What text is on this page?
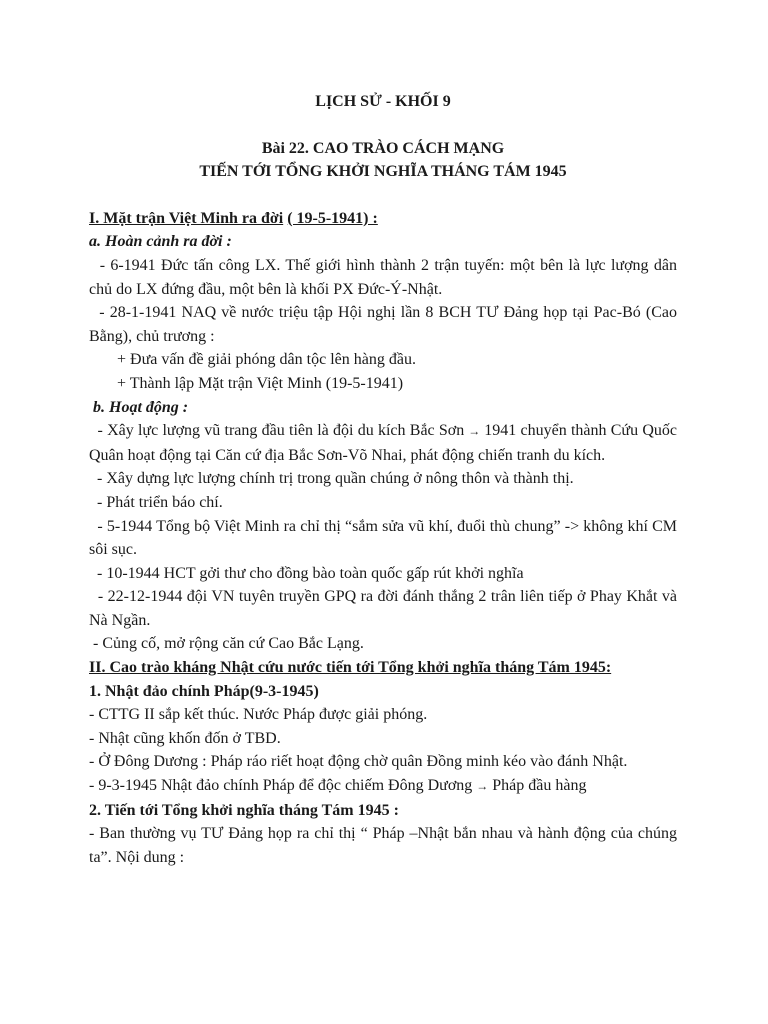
LỊCH SỬ - KHỐI 9
Bài 22. CAO TRÀO CÁCH MẠNG
TIẾN TỚI TỔNG KHỞI NGHĨA THÁNG TÁM 1945
I. Mặt trận Việt Minh ra đời ( 19-5-1941) :
a. Hoàn cảnh ra đời :
- 6-1941 Đức tấn công LX. Thế giới hình thành 2 trận tuyến: một bên là lực lượng dân chủ do LX đứng đầu, một bên là khối PX Đức-Ý-Nhật.
- 28-1-1941 NAQ về nước triệu tập Hội nghị lần 8 BCH TƯ Đảng họp tại Pac-Bó (Cao Bằng), chủ trương :
+ Đưa vấn đề giải phóng dân tộc lên hàng đầu.
+ Thành lập Mặt trận Việt Minh (19-5-1941)
b. Hoạt động :
- Xây lực lượng vũ trang đầu tiên là đội du kích Bắc Sơn → 1941 chuyển thành Cứu Quốc Quân hoạt động tại Căn cứ địa Bắc Sơn-Võ Nhai, phát động chiến tranh du kích.
- Xây dựng lực lượng chính trị trong quần chúng ở nông thôn và thành thị.
- Phát triển báo chí.
- 5-1944 Tổng bộ Việt Minh ra chỉ thị “sắm sửa vũ khí, đuổi thù chung” -> không khí CM sôi sục.
- 10-1944 HCT gởi thư cho đồng bào toàn quốc gấp rút khởi nghĩa
- 22-12-1944 đội VN tuyên truyền GPQ ra đời đánh thắng 2 trân liên tiếp ở Phay Khắt và Nà Ngần.
- Củng cố, mở rộng căn cứ Cao Bắc Lạng.
II. Cao trào kháng Nhật cứu nước tiến tới Tổng khởi nghĩa tháng Tám 1945:
1. Nhật đảo chính Pháp(9-3-1945)
- CTTG II sắp kết thúc. Nước Pháp được giải phóng.
- Nhật cũng khốn đốn ở TBD.
- Ở Đông Dương : Pháp ráo riết hoạt động chờ quân Đồng minh kéo vào đánh Nhật.
- 9-3-1945 Nhật đảo chính Pháp để độc chiếm Đông Dương → Pháp đầu hàng
2. Tiến tới Tổng khởi nghĩa tháng Tám 1945 :
- Ban thường vụ TƯ Đảng họp ra chỉ thị “ Pháp –Nhật bắn nhau và hành động của chúng ta”. Nội dung :
